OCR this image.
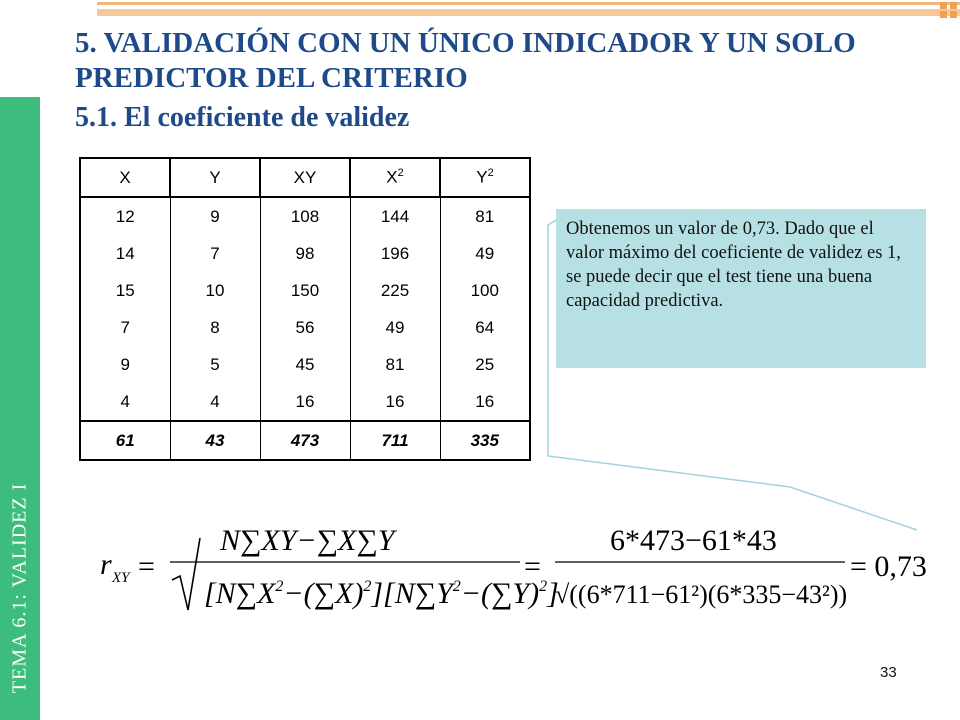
TEMA 6.1: VALIDEZ I
5. VALIDACIÓN CON UN ÚNICO INDICADOR Y UN SOLO PREDICTOR DEL CRITERIO
5.1. El coeficiente de validez
X	Y	XY	$X^2$	$Y^2$
12	9	108	144	81
14	7	98	196	49
15	10	150	225	100
7	8	56	49	64
9	5	45	81	25
4	4	16	16	16
61	43	473	711	335
Obtenemos un valor de 0,73. Dado que el valor máximo del coeficiente de validez es 1, se puede decir que el test tiene una buena capacidad predictiva.
r XY =
N∑XY−∑X∑Y
$[N\sum X^2-(\sum X)^2][N\sum Y^2-(\sum Y)^2]$
=
6*473−61*43
√((6*711−61²)(6*335−43²))
= 0,73
33
